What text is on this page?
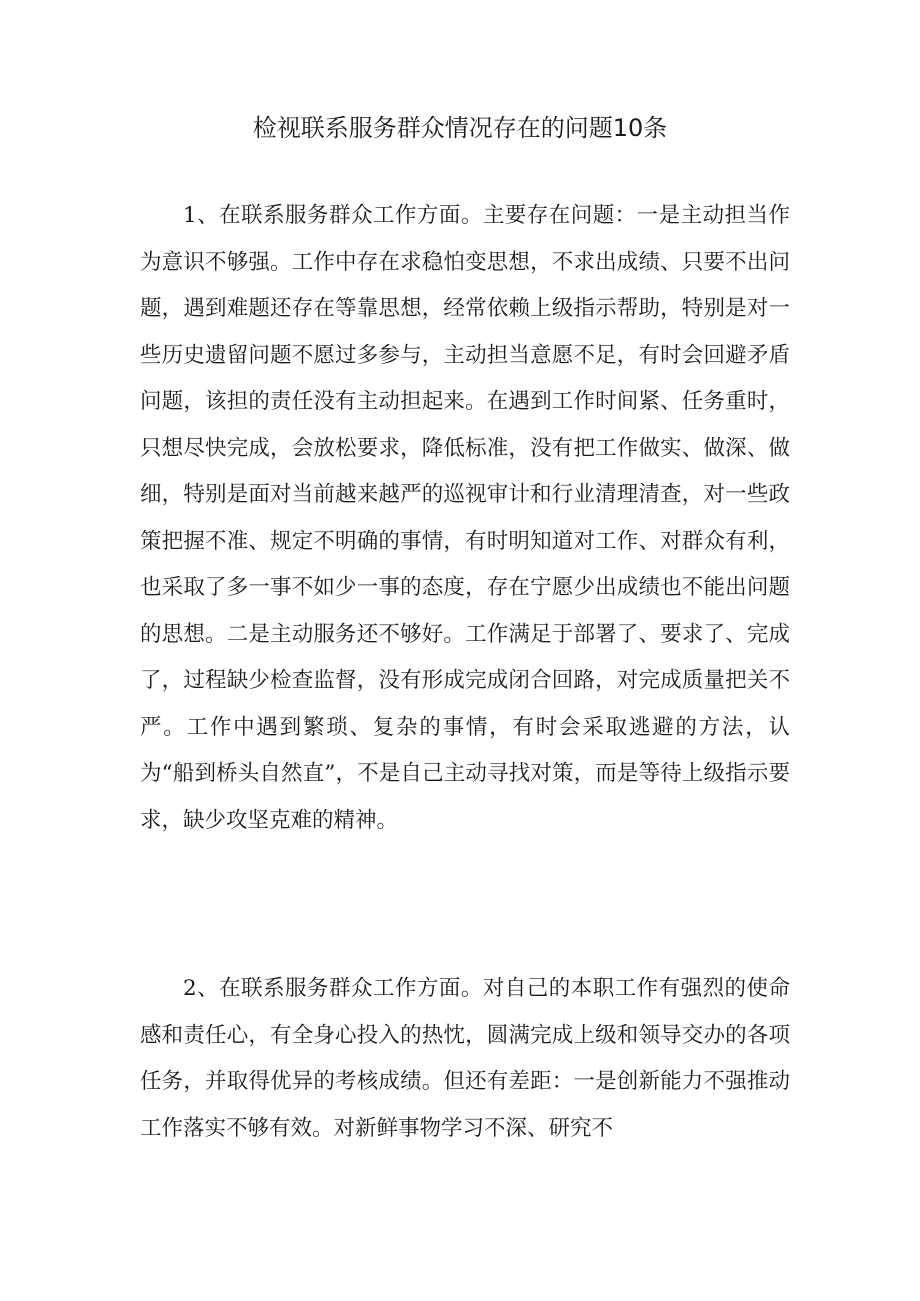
检视联系服务群众情况存在的问题10条

1、在联系服务群众工作方面。主要存在问题：一是主动担当作为意识不够强。工作中存在求稳怕变思想，不求出成绩、只要不出问题，遇到难题还存在等靠思想，经常依赖上级指示帮助，特别是对一些历史遗留问题不愿过多参与，主动担当意愿不足，有时会回避矛盾问题，该担的责任没有主动担起来。在遇到工作时间紧、任务重时，只想尽快完成，会放松要求，降低标准，没有把工作做实、做深、做细，特别是面对当前越来越严的巡视审计和行业清理清查，对一些政策把握不准、规定不明确的事情，有时明知道对工作、对群众有利，也采取了多一事不如少一事的态度，存在宁愿少出成绩也不能出问题的思想。二是主动服务还不够好。工作满足于部署了、要求了、完成了，过程缺少检查监督，没有形成完成闭合回路，对完成质量把关不严。工作中遇到繁琐、复杂的事情，有时会采取逃避的方法，认为“船到桥头自然直”，不是自己主动寻找对策，而是等待上级指示要求，缺少攻坚克难的精神。

2、在联系服务群众工作方面。对自己的本职工作有强烈的使命感和责任心，有全身心投入的热忱，圆满完成上级和领导交办的各项任务，并取得优异的考核成绩。但还有差距：一是创新能力不强推动工作落实不够有效。对新鲜事物学习不深、研究不
